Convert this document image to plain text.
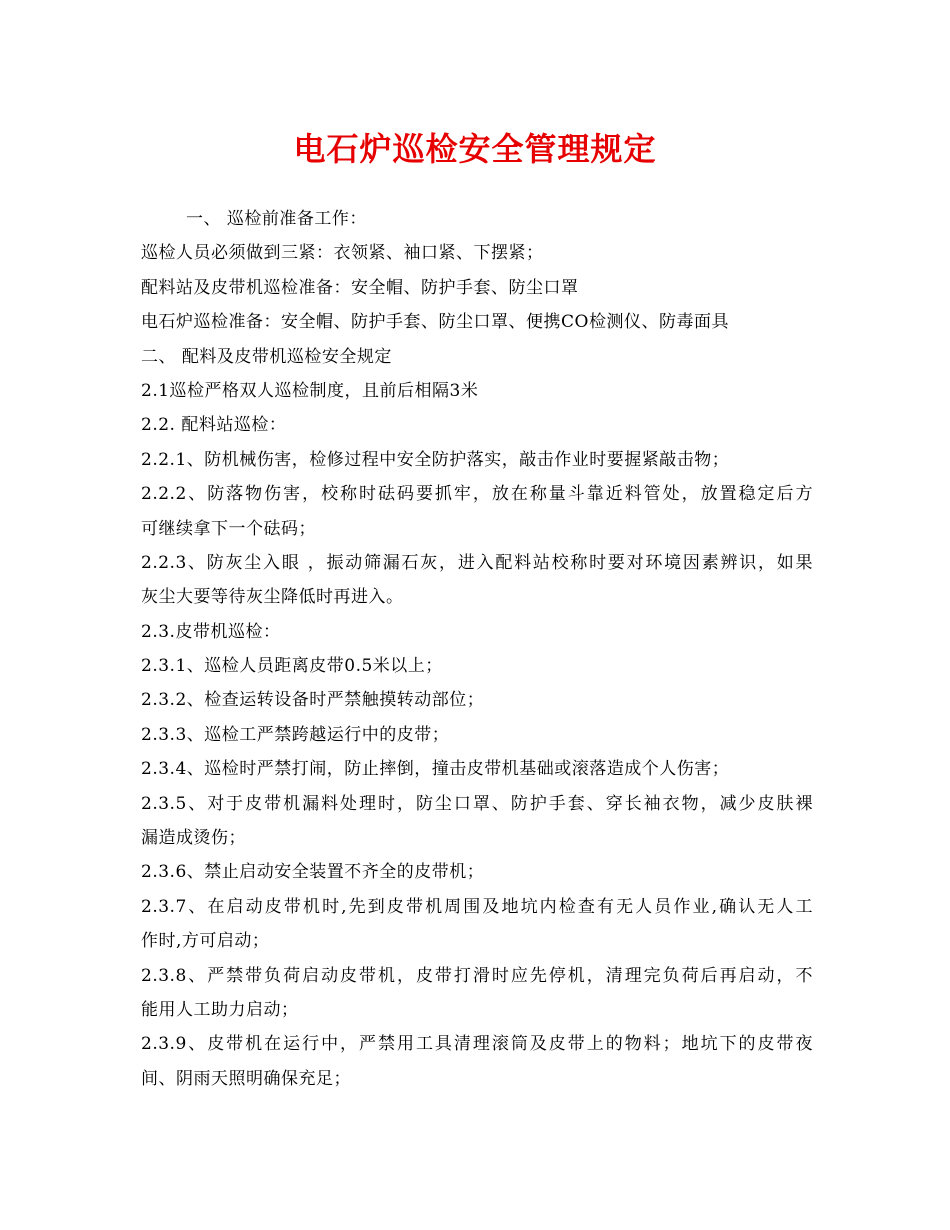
电石炉巡检安全管理规定
一、 巡检前准备工作：
巡检人员必须做到三紧：衣领紧、袖口紧、下摆紧；
配料站及皮带机巡检准备：安全帽、防护手套、防尘口罩
电石炉巡检准备：安全帽、防护手套、防尘口罩、便携CO检测仪、防毒面具
二、 配料及皮带机巡检安全规定
2.1巡检严格双人巡检制度，且前后相隔3米
2.2. 配料站巡检：
2.2.1、防机械伤害，检修过程中安全防护落实，敲击作业时要握紧敲击物；
2.2.2、防落物伤害，校称时砝码要抓牢，放在称量斗靠近料管处，放置稳定后方
可继续拿下一个砝码；
2.2.3、防灰尘入眼 ，振动筛漏石灰，进入配料站校称时要对环境因素辨识，如果
灰尘大要等待灰尘降低时再进入。
2.3.皮带机巡检：
2.3.1、巡检人员距离皮带0.5米以上；
2.3.2、检查运转设备时严禁触摸转动部位；
2.3.3、巡检工严禁跨越运行中的皮带；
2.3.4、巡检时严禁打闹，防止摔倒，撞击皮带机基础或滚落造成个人伤害；
2.3.5、对于皮带机漏料处理时，防尘口罩、防护手套、穿长袖衣物，减少皮肤裸
漏造成烫伤；
2.3.6、禁止启动安全装置不齐全的皮带机；
2.3.7、在启动皮带机时,先到皮带机周围及地坑内检查有无人员作业,确认无人工
作时,方可启动；
2.3.8、严禁带负荷启动皮带机，皮带打滑时应先停机，清理完负荷后再启动，不
能用人工助力启动；
2.3.9、皮带机在运行中，严禁用工具清理滚筒及皮带上的物料；地坑下的皮带夜
间、阴雨天照明确保充足；
